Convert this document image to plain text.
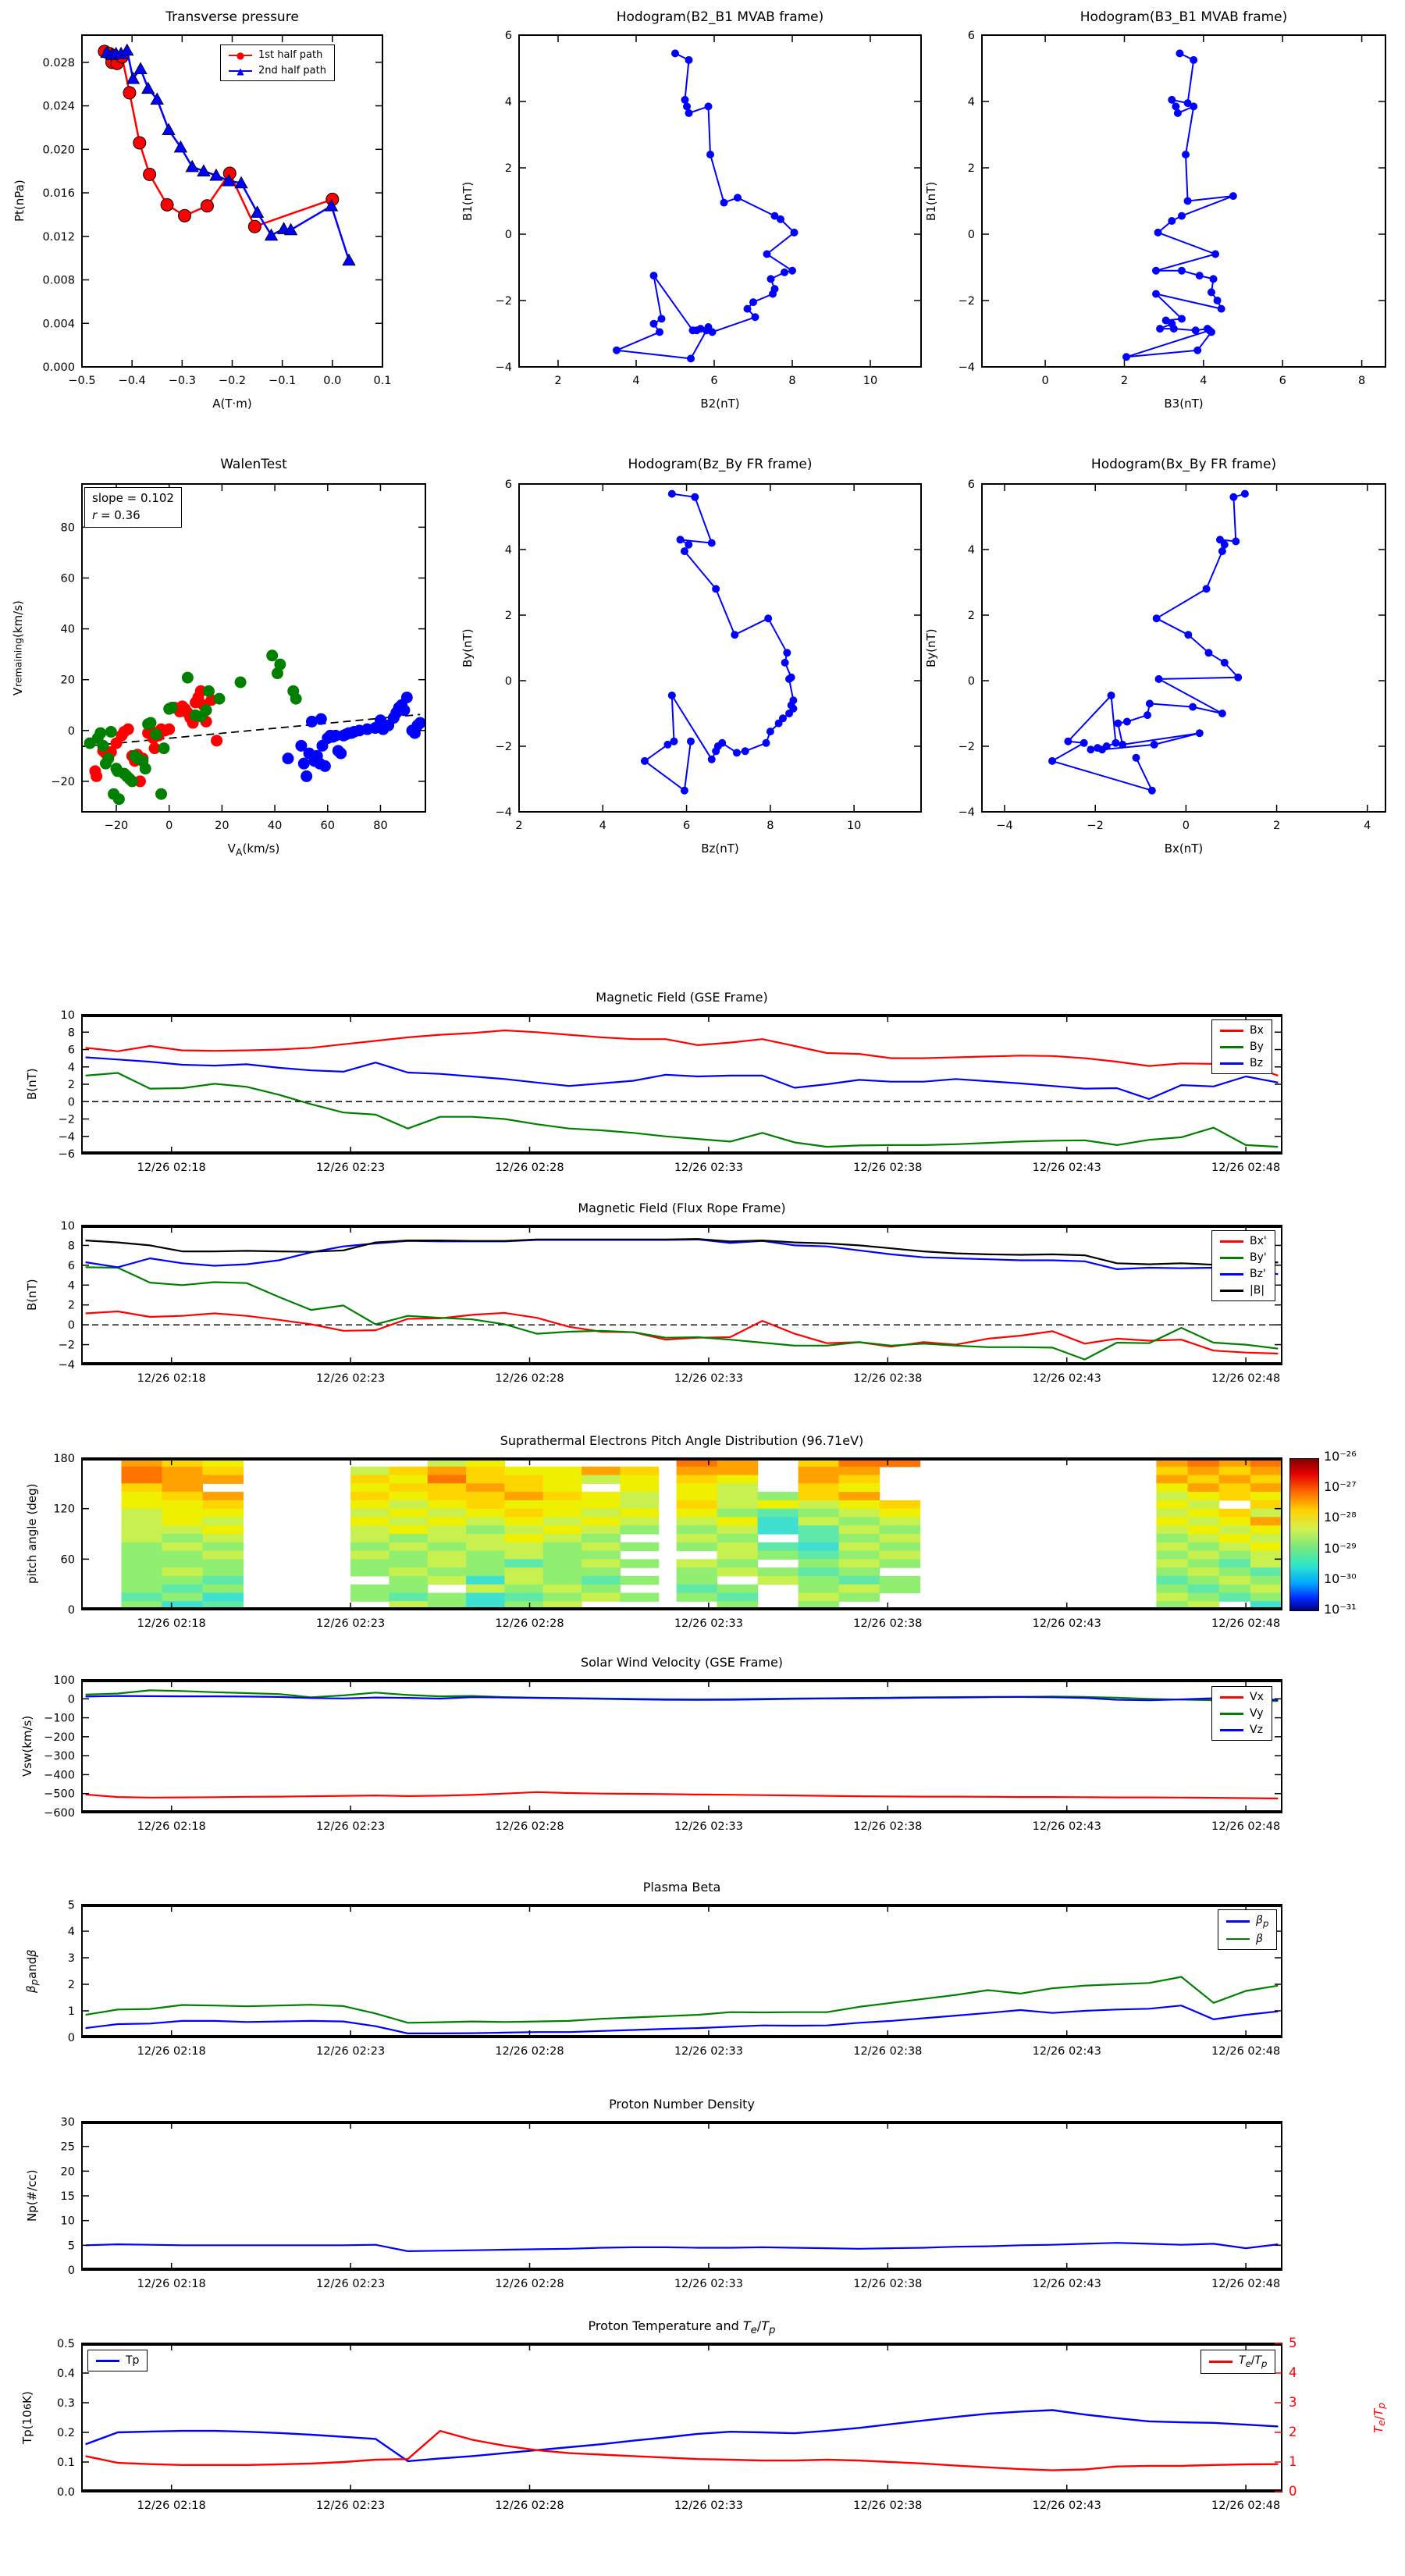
Transverse pressure
Pt(nPa)
−0.5 −0.4 −0.3 −0.2 −0.1 0.0	0.1
0.000
0.004
0.008
0.012
0.016
0.020
0.024
0.028
A(T·m)
● 1st half path
▲ 2nd half path
Hodogram(B2_B1 MVAB frame)
B1(nT)
2	4	6	8	10
−4
−2
0
2
4
6
B2(nT)
Hodogram(B3_B1 MVAB frame)
B1(nT)
0	2	4	6	8
−4
−2
0
2
4
6
B3(nT)
WalenTest
V
remaining
(km/s)
−20	0	20	40	60	80
−20
0
20
40
60
80
$V_A(km/s)$
slope = 0.102
r = 0.36
Hodogram(Bz_By FR frame)
By(nT)
2	4	6	8	10
−4
−2
0
2
4
6
Bz(nT)
Hodogram(Bx_By FR frame)
By(nT)
−4	−2	0	2	4
−4
−2
0
2
4
6
Bx(nT)
Magnetic Field (GSE Frame)
B(nT)
12/26 02:18	12/26 02:23	12/26 02:28	12/26 02:33	12/26 02:38	12/26 02:43	12/26 02:48
−6
−4
−2
0
2
4
6
8
10
Bx
By
Bz
Magnetic Field (Flux Rope Frame)
B(nT)
12/26 02:18	12/26 02:23	12/26 02:28	12/26 02:33	12/26 02:38	12/26 02:43	12/26 02:48
−4
−2
0
2
4
6
8
10
Bx'
By'
Bz'
|B|
Suprathermal Electrons Pitch Angle Distribution (96.71eV)
pitch angle (deg)
12/26 02:18	12/26 02:23	12/26 02:28	12/26 02:33	12/26 02:38	12/26 02:43	12/26 02:48
0
60
120
180	10⁻²⁶
10⁻²⁷
10⁻²⁸
10⁻²⁹
10⁻³⁰
10⁻³¹
Solar Wind Velocity (GSE Frame)
Vsw(km/s)
12/26 02:18	12/26 02:23	12/26 02:28	12/26 02:33	12/26 02:38	12/26 02:43	12/26 02:48
−600
−500
−400
−300
−200
−100
0
100
Vx
Vy
Vz
Plasma Beta
$\beta_p$
and
β
12/26 02:18	12/26 02:23	12/26 02:28	12/26 02:33	12/26 02:38	12/26 02:43	12/26 02:48
0
1
2
3
4
5
$\beta_p$
β
Proton Number Density
Np(#/cc)
12/26 02:18	12/26 02:23	12/26 02:28	12/26 02:33	12/26 02:38	12/26 02:43	12/26 02:48
0
5
10
15
20
25
30
Proton Temperature and $T_e/T_p$
Tp(10
6
K)
$T_e$
/
$T_p$
12/26 02:18	12/26 02:23	12/26 02:28	12/26 02:33	12/26 02:38	12/26 02:43	12/26 02:48
0.0
0.1
0.2
0.3
0.4
0.5
0
1
2
3
4
5
Tp	$T_e/T_p$
